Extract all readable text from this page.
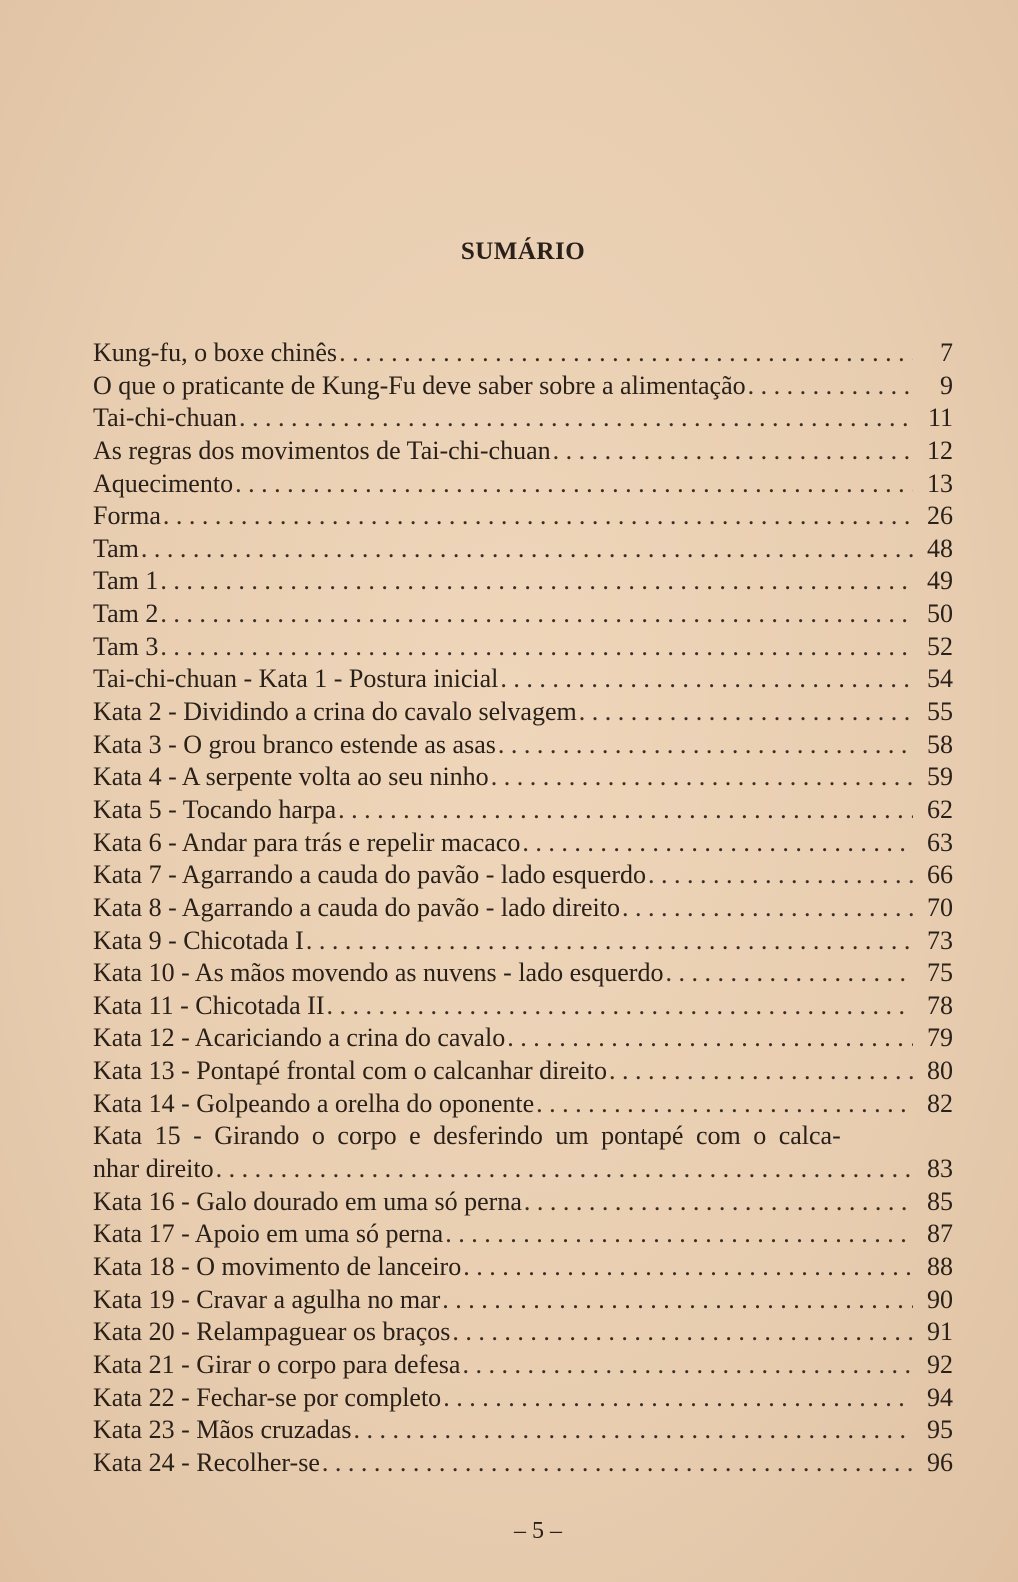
SUMÁRIO
Kung-fu, o boxe chinês . . .	7
O que o praticante de Kung-Fu deve saber sobre a alimentação . . .	9
Tai-chi-chuan . . .	11
As regras dos movimentos de Tai-chi-chuan . . .	12
Aquecimento . . .	13
Forma . . .	26
Tam . . .	48
Tam 1 . . .	49
Tam 2 . . .	50
Tam 3 . . .	52
Tai-chi-chuan - Kata 1 - Postura inicial . . .	54
Kata 2 - Dividindo a crina do cavalo selvagem . . .	55
Kata 3 - O grou branco estende as asas . . .	58
Kata 4 - A serpente volta ao seu ninho . . .	59
Kata 5 - Tocando harpa . . .	62
Kata 6 - Andar para trás e repelir macaco . . .	63
Kata 7 - Agarrando a cauda do pavão - lado esquerdo . . .	66
Kata 8 - Agarrando a cauda do pavão - lado direito . . .	70
Kata 9 - Chicotada I . . .	73
Kata 10 - As mãos movendo as nuvens - lado esquerdo . . .	75
Kata 11 - Chicotada II . . .	78
Kata 12 - Acariciando a crina do cavalo . . .	79
Kata 13 - Pontapé frontal com o calcanhar direito . . .	80
Kata 14 - Golpeando a orelha do oponente . . .	82
Kata 15 - Girando o corpo e desferindo um pontapé com o calca-
nhar direito . . .	83
Kata 16 - Galo dourado em uma só perna . . .	85
Kata 17 - Apoio em uma só perna . . .	87
Kata 18 - O movimento de lanceiro . . .	88
Kata 19 - Cravar a agulha no mar . . .	90
Kata 20 - Relampaguear os braços . . .	91
Kata 21 - Girar o corpo para defesa . . .	92
Kata 22 - Fechar-se por completo . . .	94
Kata 23 - Mãos cruzadas . . .	95
Kata 24 - Recolher-se . . .	96
– 5 –
